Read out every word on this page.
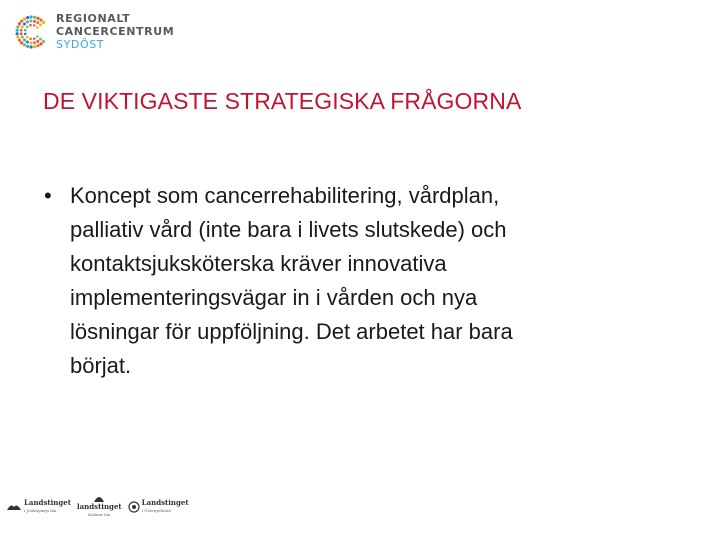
REGIONALT
CANCERCENTRUM
SYDÖST
DE VIKTIGASTE STRATEGISKA FRÅGORNA
• Koncept som cancerrehabilitering, vårdplan,
palliativ vård (inte bara i livets slutskede) och
kontaktsjuksköterska kräver innovativa
implementeringsvägar in i vården och nya
lösningar för uppföljning. Det arbetet har bara
börjat.
Landstinget
i Jönköpings län	landstinget
Kalmar län
Landstinget
i Östergötland
